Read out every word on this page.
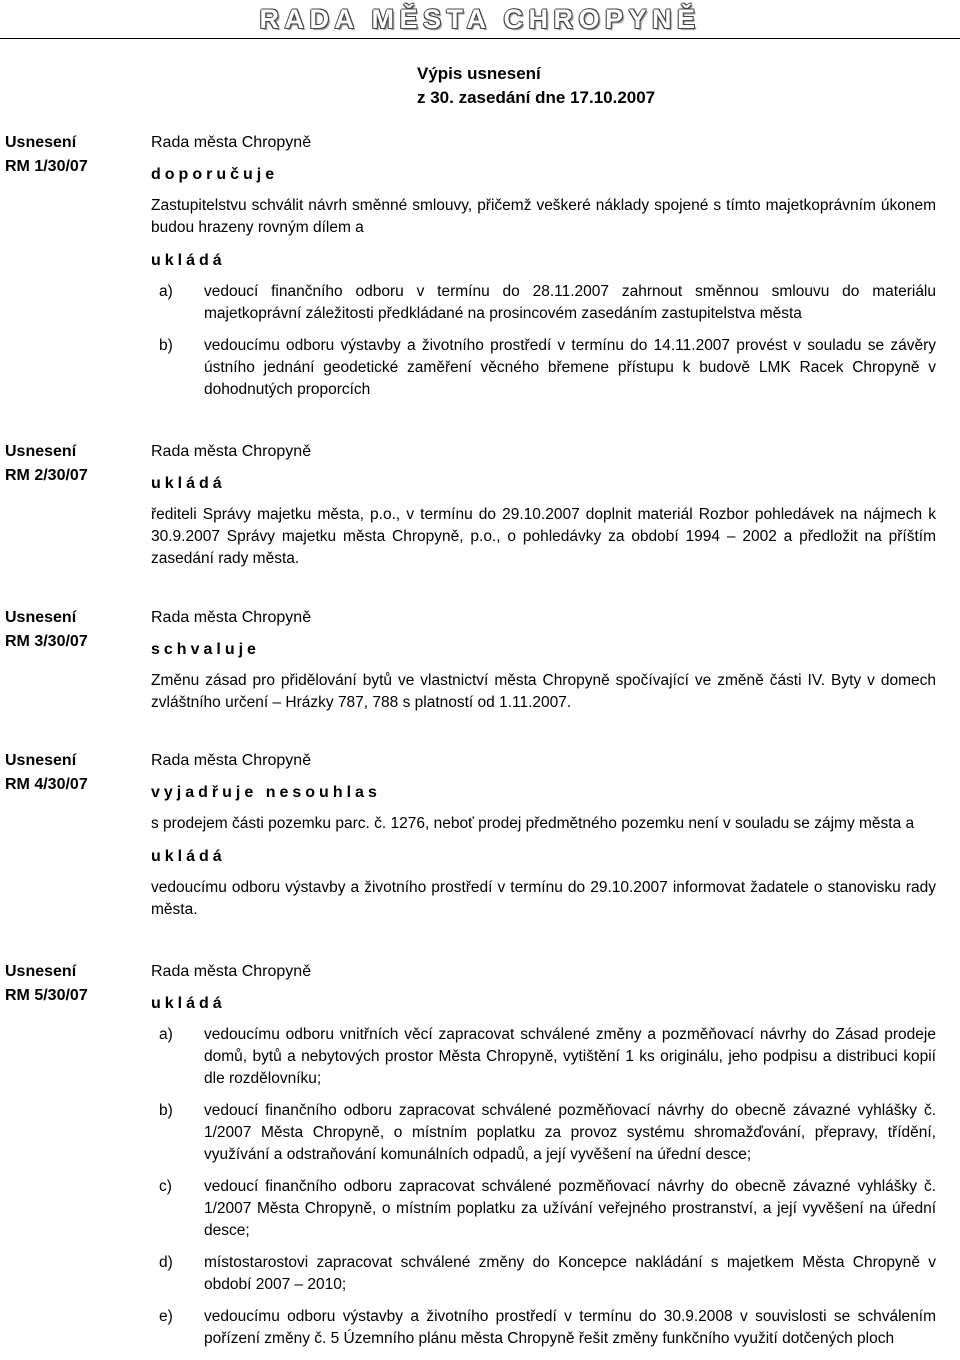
RADA MĚSTA CHROPYNĚ
Výpis usnesení
z 30. zasedání dne 17.10.2007
Usnesení
RM 1/30/07
Rada města Chropyně
doporučuje
Zastupitelstvu schválit návrh směnné smlouvy, přičemž veškeré náklady spojené s tímto majetkoprávním úkonem budou hrazeny rovným dílem a
ukládá
a) vedoucí finančního odboru v termínu do 28.11.2007 zahrnout směnnou smlouvu do materiálu majetkoprávní záležitosti předkládané na prosincovém zasedáním zastupitelstva města
b) vedoucímu odboru výstavby a životního prostředí v termínu do 14.11.2007 provést v souladu se závěry ústního jednání geodetické zaměření věcného břemene přístupu k budově LMK Racek Chropyně v dohodnutých proporcích
Usnesení
RM 2/30/07
Rada města Chropyně
ukládá
řediteli Správy majetku města, p.o., v termínu do 29.10.2007 doplnit materiál Rozbor pohledávek na nájmech k 30.9.2007 Správy majetku města Chropyně, p.o., o pohledávky za období 1994 – 2002 a předložit na příštím zasedání rady města.
Usnesení
RM 3/30/07
Rada města Chropyně
schvaluje
Změnu zásad pro přidělování bytů ve vlastnictví města Chropyně spočívající ve změně části IV. Byty v domech zvláštního určení – Hrázky 787, 788 s platností od 1.11.2007.
Usnesení
RM 4/30/07
Rada města Chropyně
vyjadřuje nesouhlas
s prodejem části pozemku parc. č. 1276, neboť prodej předmětného pozemku není v souladu se zájmy města a
ukládá
vedoucímu odboru výstavby a životního prostředí v termínu do 29.10.2007 informovat žadatele o stanovisku rady města.
Usnesení
RM 5/30/07
Rada města Chropyně
ukládá
a) vedoucímu odboru vnitřních věcí zapracovat schválené změny a pozměňovací návrhy do Zásad prodeje domů, bytů a nebytových prostor Města Chropyně, vytištění 1 ks originálu, jeho podpisu a distribuci kopií dle rozdělovníku;
b) vedoucí finančního odboru zapracovat schválené pozměňovací návrhy do obecně závazné vyhlášky č. 1/2007 Města Chropyně, o místním poplatku za provoz systému shromažďování, přepravy, třídění, využívání a odstraňování komunálních odpadů, a její vyvěšení na úřední desce;
c) vedoucí finančního odboru zapracovat schválené pozměňovací návrhy do obecně závazné vyhlášky č. 1/2007 Města Chropyně, o místním poplatku za užívání veřejného prostranství, a její vyvěšení na úřední desce;
d) místostarostovi zapracovat schválené změny do Koncepce nakládání s majetkem Města Chropyně v období 2007 – 2010;
e) vedoucímu odboru výstavby a životního prostředí v termínu do 30.9.2008 v souvislosti se schválením pořízení změny č. 5 Územního plánu města Chropyně řešit změny funkčního využití dotčených ploch
